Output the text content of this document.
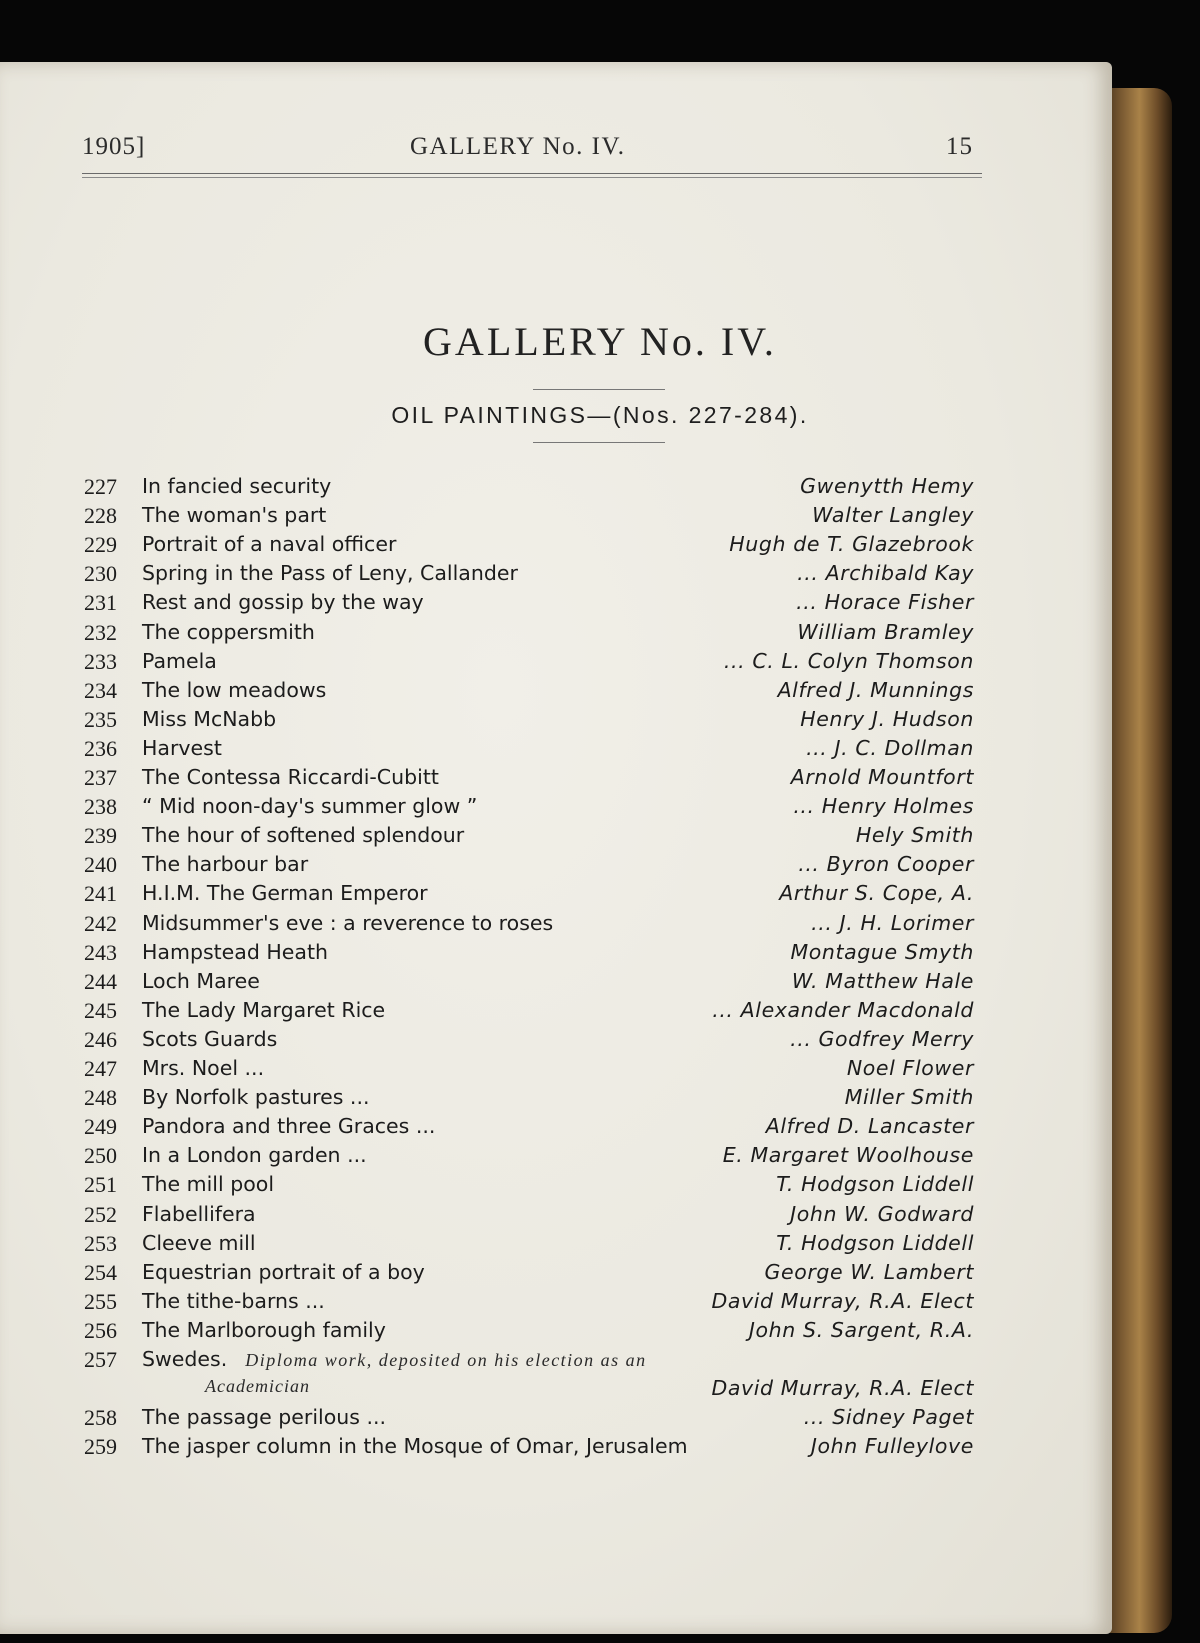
1905]	GALLERY No. IV.	15
GALLERY No. IV.
OIL PAINTINGS—(Nos. 227-284).
227	In fancied security	Gwenytth Hemy
228	The woman's part	Walter Langley
229	Portrait of a naval officer	Hugh de T. Glazebrook
230	Spring in the Pass of Leny, Callander	... Archibald Kay
231	Rest and gossip by the way	... Horace Fisher
232	The coppersmith	William Bramley
233	Pamela	... C. L. Colyn Thomson
234	The low meadows	Alfred J. Munnings
235	Miss McNabb	Henry J. Hudson
236	Harvest	... J. C. Dollman
237	The Contessa Riccardi-Cubitt	Arnold Mountfort
238	“ Mid noon-day's summer glow ”	... Henry Holmes
239	The hour of softened splendour	Hely Smith
240	The harbour bar	... Byron Cooper
241	H.I.M. The German Emperor	Arthur S. Cope, A.
242	Midsummer's eve : a reverence to roses	... J. H. Lorimer
243	Hampstead Heath	Montague Smyth
244	Loch Maree	W. Matthew Hale
245	The Lady Margaret Rice	... Alexander Macdonald
246	Scots Guards	... Godfrey Merry
247	Mrs. Noel ...	Noel Flower
248	By Norfolk pastures ...	Miller Smith
249	Pandora and three Graces ...	Alfred D. Lancaster
250	In a London garden ...	E. Margaret Woolhouse
251	The mill pool	T. Hodgson Liddell
252	Flabellifera	John W. Godward
253	Cleeve mill	T. Hodgson Liddell
254	Equestrian portrait of a boy	George W. Lambert
255	The tithe-barns ...	David Murray, R.A. Elect
256	The Marlborough family	John S. Sargent, R.A.
257	Swedes. Diploma work, deposited on his election as an
Academician	David Murray, R.A. Elect
258	The passage perilous ...	... Sidney Paget
259	The jasper column in the Mosque of Omar, Jerusalem	John Fulleylove
